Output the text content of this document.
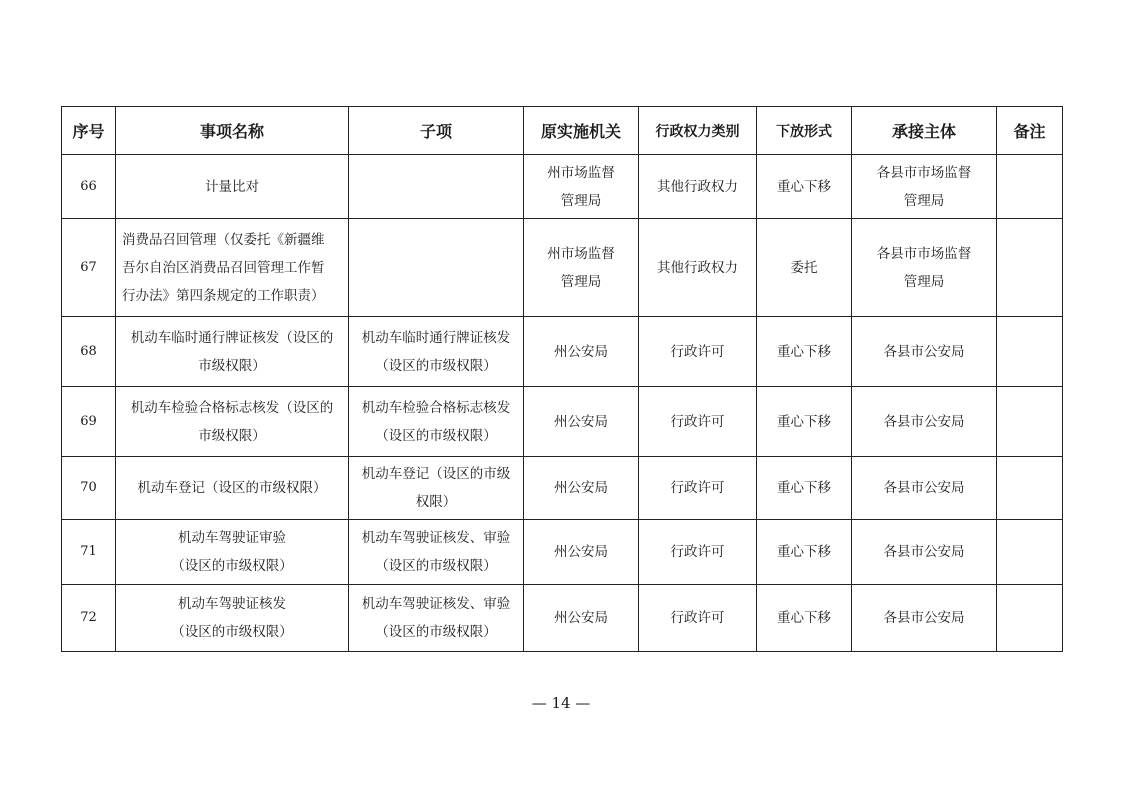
序号	事项名称	子项	原实施机关	行政权力类别	下放形式	承接主体	备注
66	计量比对		州市场监督
管理局	其他行政权力	重心下移	各县市市场监督
管理局	
67	消费品召回管理（仅委托《新疆维
吾尔自治区消费品召回管理工作暂
行办法》第四条规定的工作职责）		州市场监督
管理局	其他行政权力	委托	各县市市场监督
管理局	
68	机动车临时通行牌证核发（设区的
市级权限）	机动车临时通行牌证核发
（设区的市级权限）	州公安局	行政许可	重心下移	各县市公安局	
69	机动车检验合格标志核发（设区的
市级权限）	机动车检验合格标志核发
（设区的市级权限）	州公安局	行政许可	重心下移	各县市公安局	
70	机动车登记（设区的市级权限）	机动车登记（设区的市级
权限）	州公安局	行政许可	重心下移	各县市公安局	
71	机动车驾驶证审验
（设区的市级权限）	机动车驾驶证核发、审验
（设区的市级权限）	州公安局	行政许可	重心下移	各县市公安局	
72	机动车驾驶证核发
（设区的市级权限）	机动车驾驶证核发、审验
（设区的市级权限）	州公安局	行政许可	重心下移	各县市公安局	
— 14 —
